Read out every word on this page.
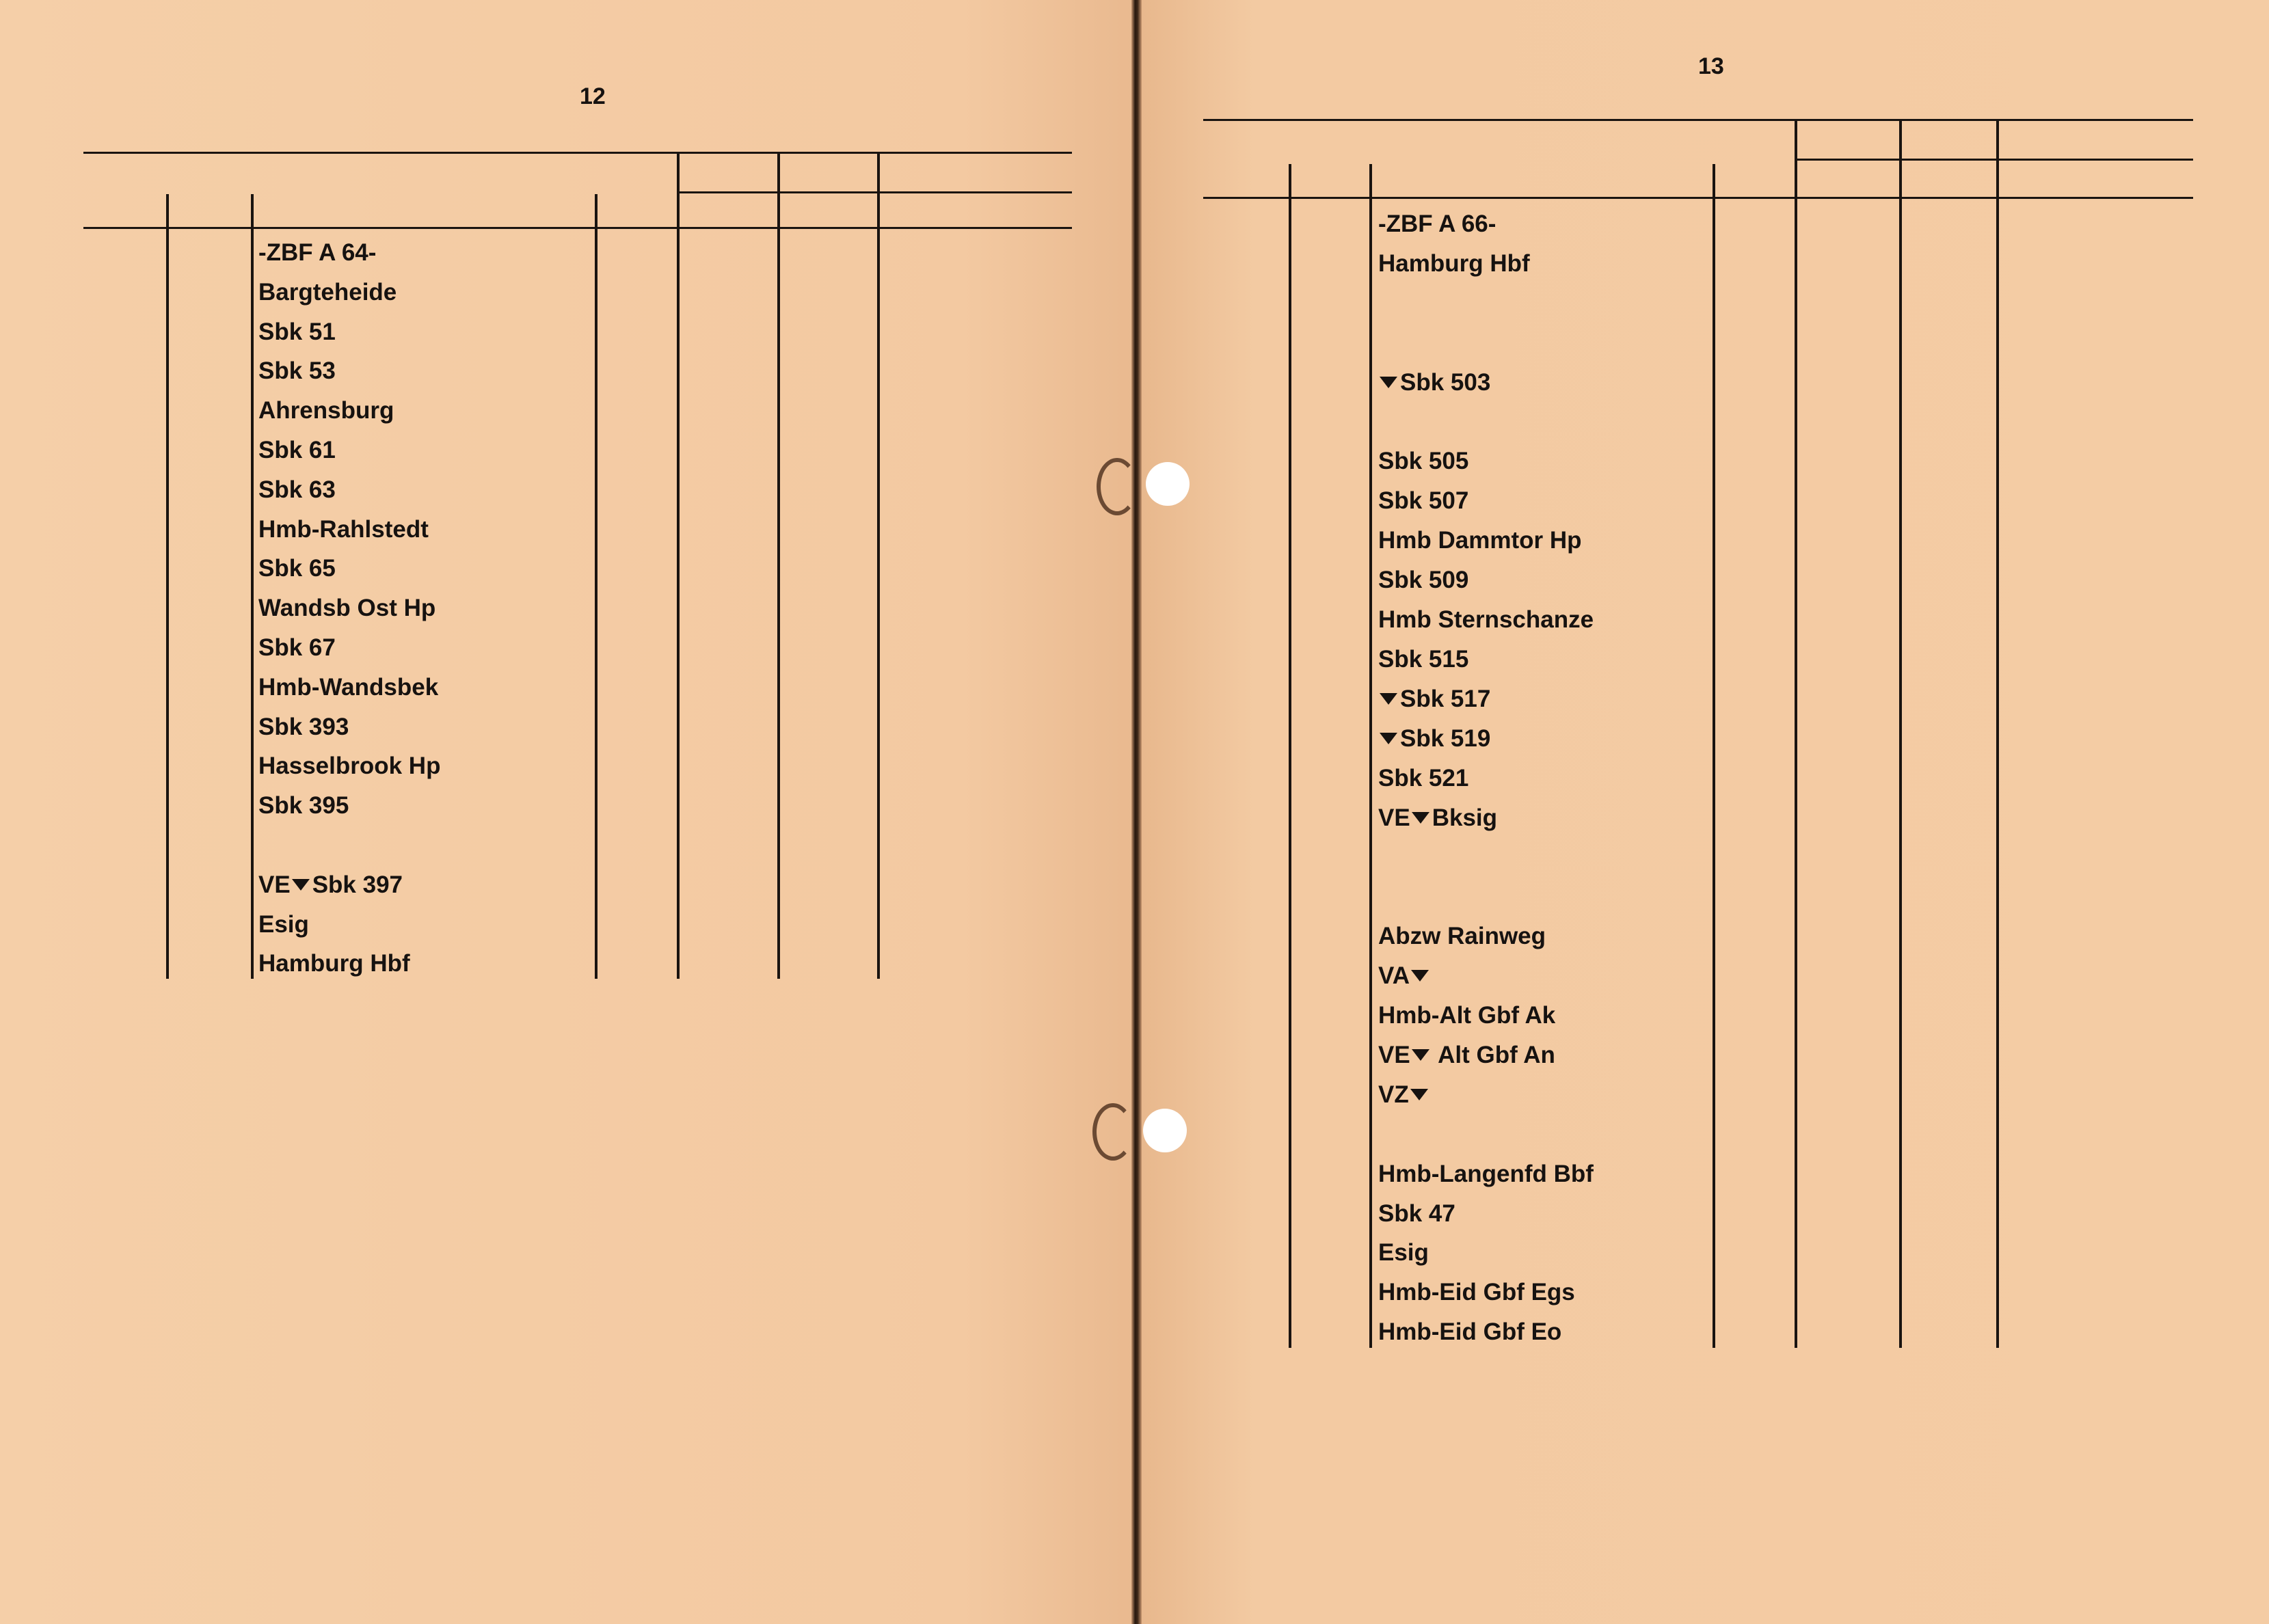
12
-ZBF A 64-
Bargteheide
Sbk 51
Sbk 53
Ahrensburg
Sbk 61
Sbk 63
Hmb-Rahlstedt
Sbk 65
Wandsb Ost Hp
Sbk 67
Hmb-Wandsbek
Sbk 393
Hasselbrook Hp
Sbk 395
VE Sbk 397
Esig
Hamburg Hbf
13
-ZBF A 66-
Hamburg Hbf
Sbk 503
Sbk 505
Sbk 507
Hmb Dammtor Hp
Sbk 509
Hmb Sternschanze
Sbk 515
Sbk 517
Sbk 519
Sbk 521
VE Bksig
Abzw Rainweg
VA
Hmb-Alt Gbf Ak
VE Alt Gbf An
VZ
Hmb-Langenfd Bbf
Sbk 47
Esig
Hmb-Eid Gbf Egs
Hmb-Eid Gbf Eo
